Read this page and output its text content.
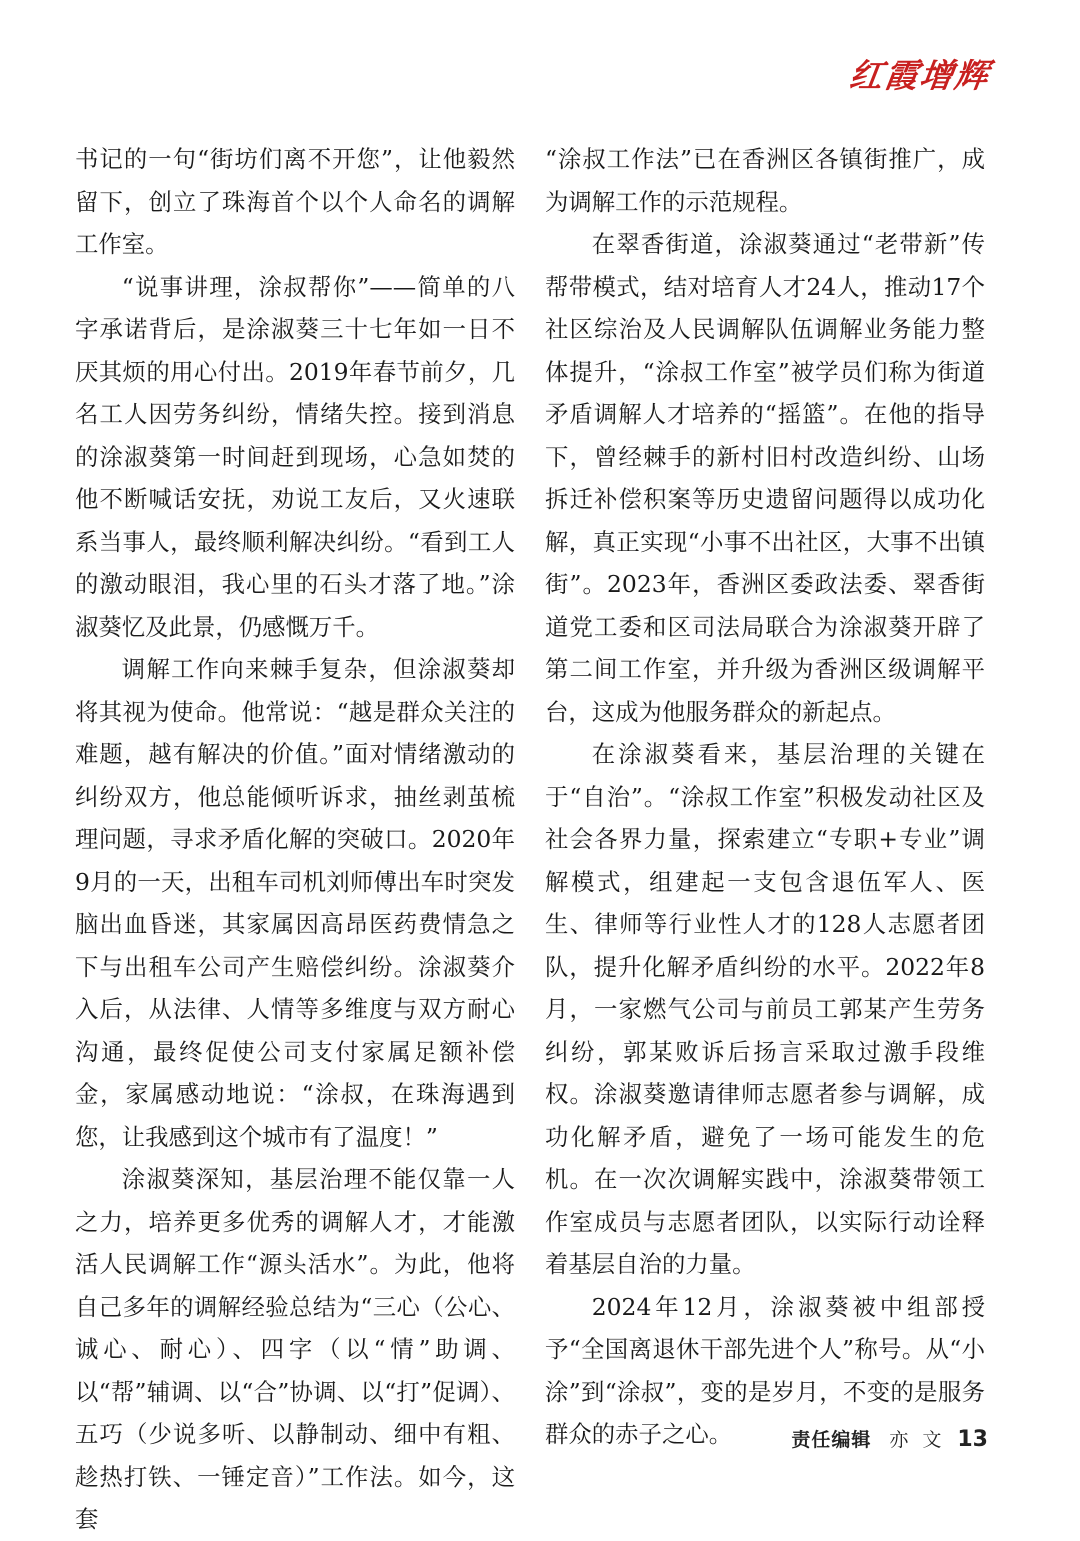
红霞增辉

书记的一句“街坊们离不开您”，让他毅然留下，创立了珠海首个以个人命名的调解工作室。

“说事讲理，涂叔帮你”——简单的八字承诺背后，是涂淑葵三十七年如一日不厌其烦的用心付出。2019年春节前夕，几名工人因劳务纠纷，情绪失控。接到消息的涂淑葵第一时间赶到现场，心急如焚的他不断喊话安抚，劝说工友后，又火速联系当事人，最终顺利解决纠纷。“看到工人的激动眼泪，我心里的石头才落了地。”涂淑葵忆及此景，仍感慨万千。

调解工作向来棘手复杂，但涂淑葵却将其视为使命。他常说：“越是群众关注的难题，越有解决的价值。”面对情绪激动的纠纷双方，他总能倾听诉求，抽丝剥茧梳理问题，寻求矛盾化解的突破口。2020年9月的一天，出租车司机刘师傅出车时突发脑出血昏迷，其家属因高昂医药费情急之下与出租车公司产生赔偿纠纷。涂淑葵介入后，从法律、人情等多维度与双方耐心沟通，最终促使公司支付家属足额补偿金，家属感动地说：“涂叔，在珠海遇到您，让我感到这个城市有了温度！”

涂淑葵深知，基层治理不能仅靠一人之力，培养更多优秀的调解人才，才能激活人民调解工作“源头活水”。为此，他将自己多年的调解经验总结为“三心（公心、诚心、耐心）、四字（以“情”助调、以“帮”辅调、以“合”协调、以“打”促调）、五巧（少说多听、以静制动、细中有粗、趁热打铁、一锤定音）”工作法。如今，这套

“涂叔工作法”已在香洲区各镇街推广，成为调解工作的示范规程。

在翠香街道，涂淑葵通过“老带新”传帮带模式，结对培育人才24人，推动17个社区综治及人民调解队伍调解业务能力整体提升，“涂叔工作室”被学员们称为街道矛盾调解人才培养的“摇篮”。在他的指导下，曾经棘手的新村旧村改造纠纷、山场拆迁补偿积案等历史遗留问题得以成功化解，真正实现“小事不出社区，大事不出镇街”。2023年，香洲区委政法委、翠香街道党工委和区司法局联合为涂淑葵开辟了第二间工作室，并升级为香洲区级调解平台，这成为他服务群众的新起点。

在涂淑葵看来，基层治理的关键在于“自治”。“涂叔工作室”积极发动社区及社会各界力量，探索建立“专职+专业”调解模式，组建起一支包含退伍军人、医生、律师等行业性人才的128人志愿者团队，提升化解矛盾纠纷的水平。2022年8月，一家燃气公司与前员工郭某产生劳务纠纷，郭某败诉后扬言采取过激手段维权。涂淑葵邀请律师志愿者参与调解，成功化解矛盾，避免了一场可能发生的危机。在一次次调解实践中，涂淑葵带领工作室成员与志愿者团队，以实际行动诠释着基层自治的力量。

2024年12月，涂淑葵被中组部授予“全国离退休干部先进个人”称号。从“小涂”到“涂叔”，变的是岁月，不变的是服务群众的赤子之心。	责任编辑 亦文 13
